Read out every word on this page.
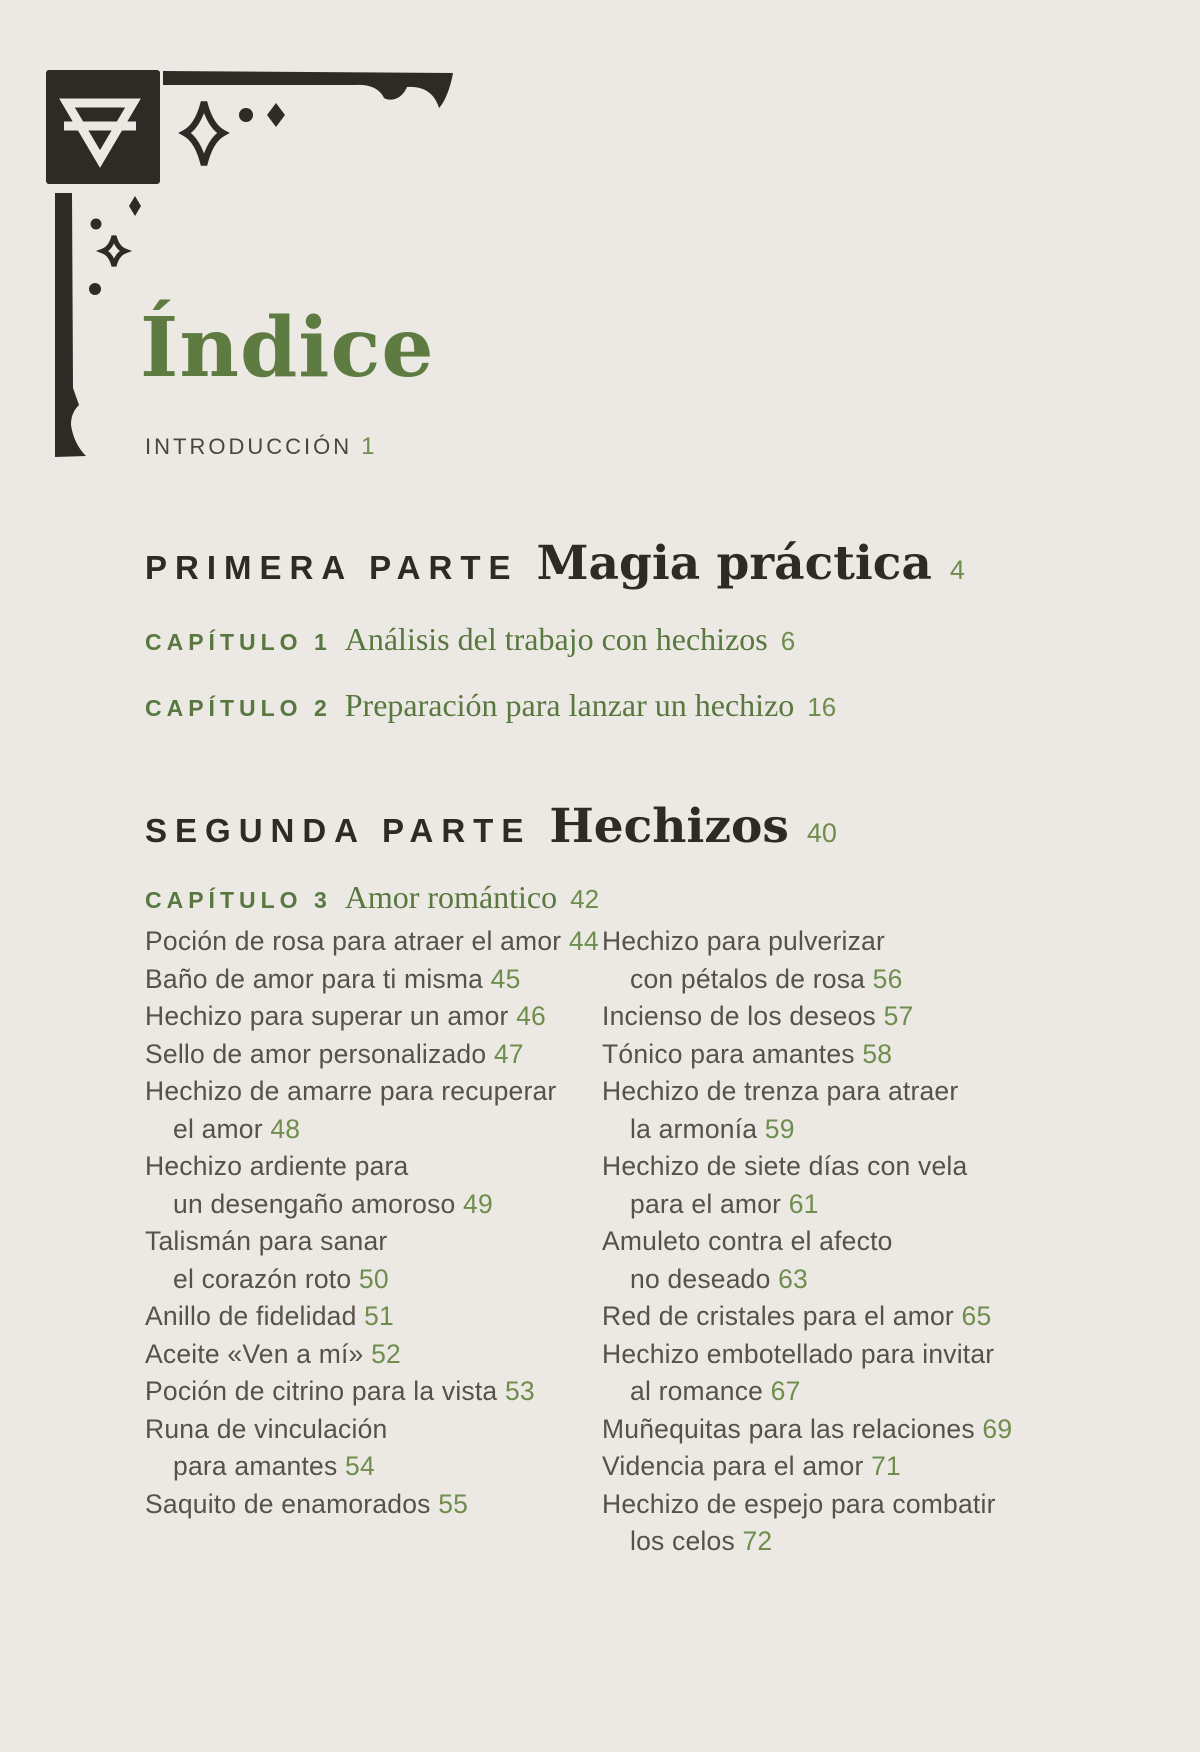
Índice
INTRODUCCIÓN 1
PRIMERA PARTE Magia práctica 4
CAPÍTULO 1 Análisis del trabajo con hechizos 6
CAPÍTULO 2 Preparación para lanzar un hechizo 16
SEGUNDA PARTE Hechizos 40
CAPÍTULO 3 Amor romántico 42
Poción de rosa para atraer el amor 44
Baño de amor para ti misma 45
Hechizo para superar un amor 46
Sello de amor personalizado 47
Hechizo de amarre para recuperar
el amor 48
Hechizo ardiente para
un desengaño amoroso 49
Talismán para sanar
el corazón roto 50
Anillo de fidelidad 51
Aceite «Ven a mí» 52
Poción de citrino para la vista 53
Runa de vinculación
para amantes 54
Saquito de enamorados 55
Hechizo para pulverizar
con pétalos de rosa 56
Incienso de los deseos 57
Tónico para amantes 58
Hechizo de trenza para atraer
la armonía 59
Hechizo de siete días con vela
para el amor 61
Amuleto contra el afecto
no deseado 63
Red de cristales para el amor 65
Hechizo embotellado para invitar
al romance 67
Muñequitas para las relaciones 69
Videncia para el amor 71
Hechizo de espejo para combatir
los celos 72
